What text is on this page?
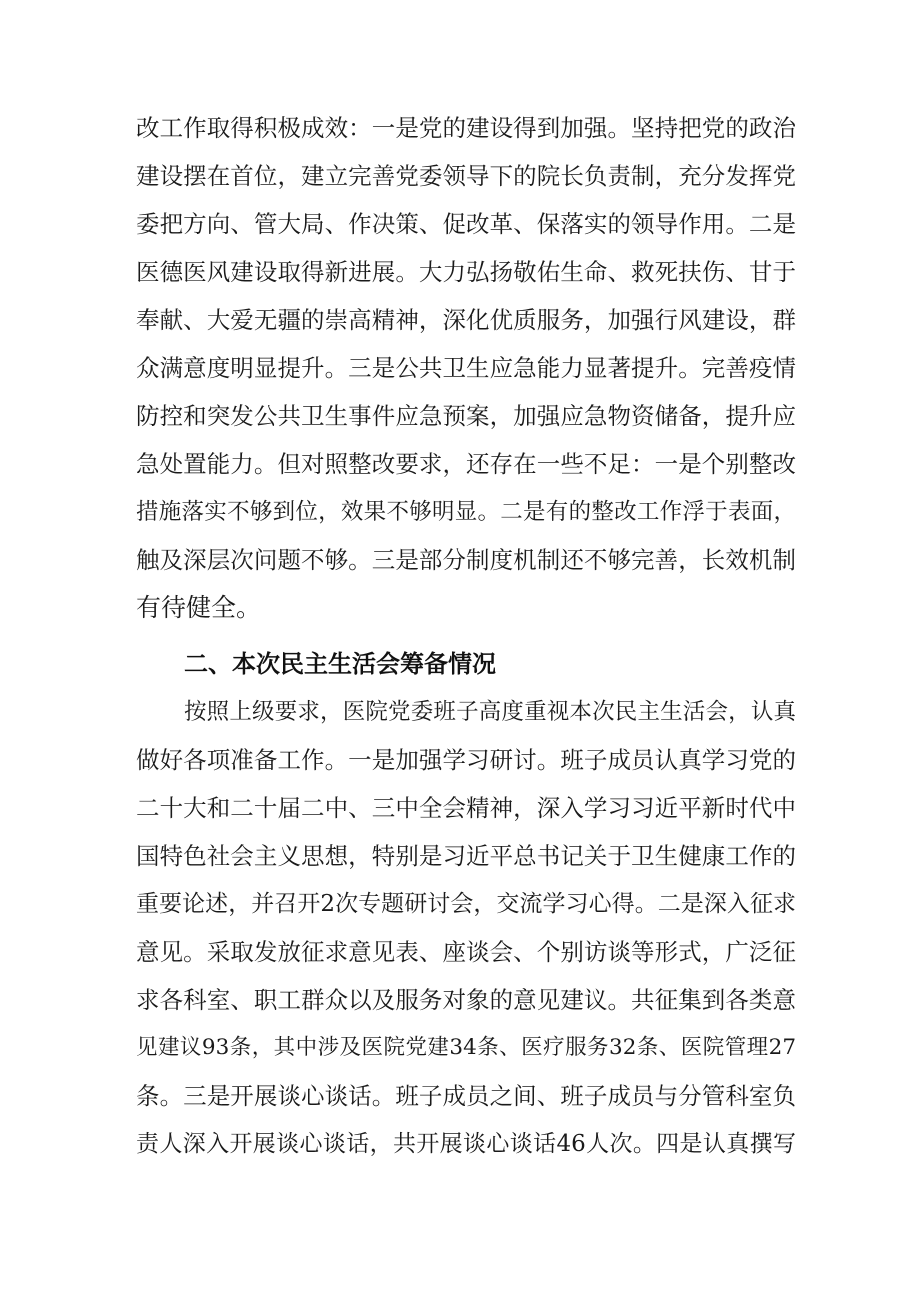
改工作取得积极成效：一是党的建设得到加强。坚持把党的政治
建设摆在首位，建立完善党委领导下的院长负责制，充分发挥党
委把方向、管大局、作决策、促改革、保落实的领导作用。二是
医德医风建设取得新进展。大力弘扬敬佑生命、救死扶伤、甘于
奉献、大爱无疆的崇高精神，深化优质服务，加强行风建设，群
众满意度明显提升。三是公共卫生应急能力显著提升。完善疫情
防控和突发公共卫生事件应急预案，加强应急物资储备，提升应
急处置能力。但对照整改要求，还存在一些不足：一是个别整改
措施落实不够到位，效果不够明显。二是有的整改工作浮于表面，
触及深层次问题不够。三是部分制度机制还不够完善，长效机制
有待健全。
二、本次民主生活会筹备情况
按照上级要求，医院党委班子高度重视本次民主生活会，认真
做好各项准备工作。一是加强学习研讨。班子成员认真学习党的
二十大和二十届二中、三中全会精神，深入学习习近平新时代中
国特色社会主义思想，特别是习近平总书记关于卫生健康工作的
重要论述，并召开2次专题研讨会，交流学习心得。二是深入征求
意见。采取发放征求意见表、座谈会、个别访谈等形式，广泛征
求各科室、职工群众以及服务对象的意见建议。共征集到各类意
见建议93条，其中涉及医院党建34条、医疗服务32条、医院管理27
条。三是开展谈心谈话。班子成员之间、班子成员与分管科室负
责人深入开展谈心谈话，共开展谈心谈话46人次。四是认真撰写
